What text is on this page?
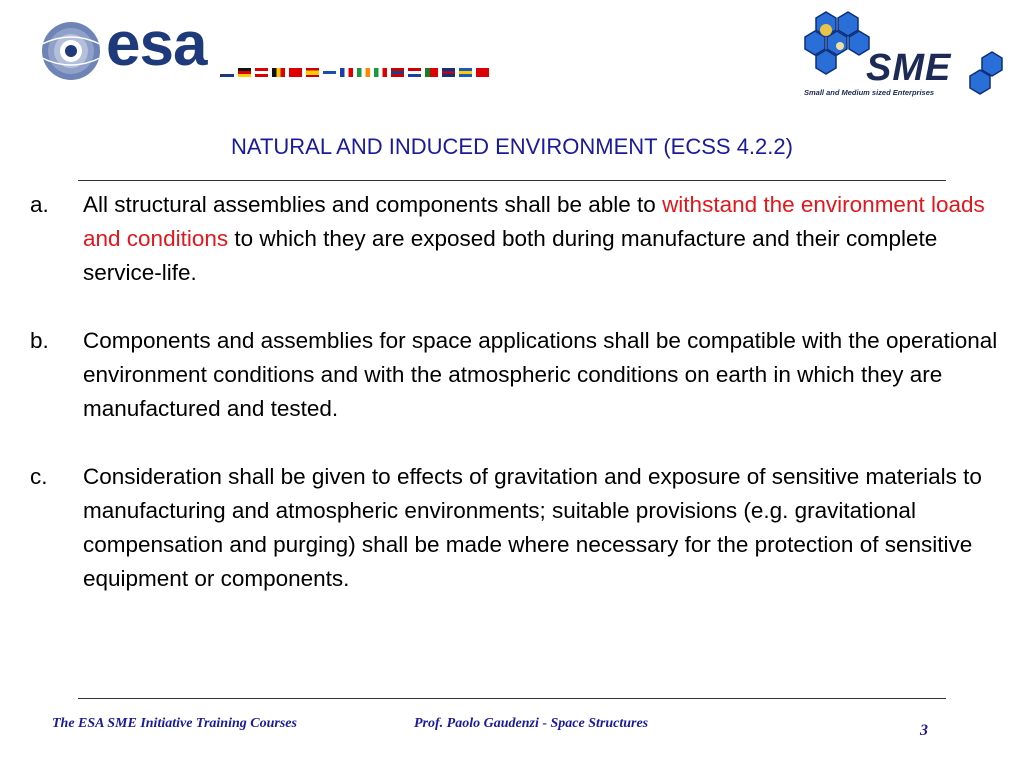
esa	SME
Small and Medium sized Enterprises
NATURAL AND INDUCED ENVIRONMENT (ECSS 4.2.2)
a. All structural assemblies and components shall be able to withstand the environment loads and conditions to which they are exposed both during manufacture and their complete service-life.
b. Components and assemblies for space applications shall be compatible with the operational environment conditions and with the atmospheric conditions on earth in which they are manufactured and tested.
c. Consideration shall be given to effects of gravitation and exposure of sensitive materials to manufacturing and atmospheric environments; suitable provisions (e.g. gravitational compensation and purging) shall be made where necessary for the protection of sensitive equipment or components.
The ESA SME Initiative Training Courses	Prof. Paolo Gaudenzi - Space Structures	3
